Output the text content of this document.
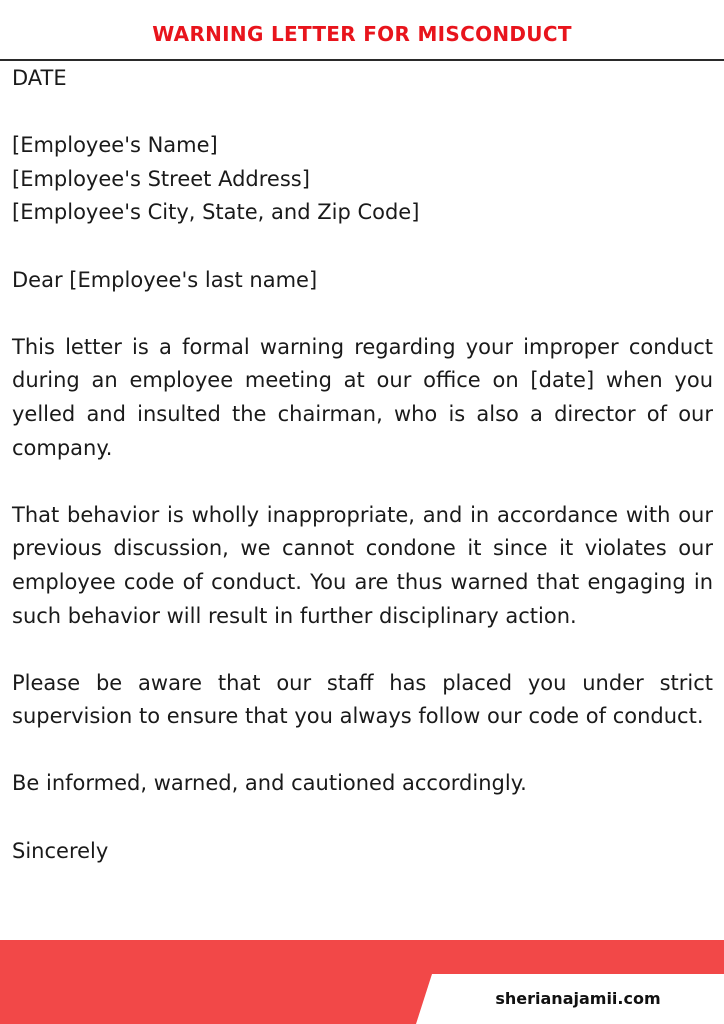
WARNING LETTER FOR MISCONDUCT

DATE

[Employee's Name]
[Employee's Street Address]
[Employee's City, State, and Zip Code]

Dear [Employee's last name]

This letter is a formal warning regarding your improper conduct during an employee meeting at our office on [date] when you yelled and insulted the chairman, who is also a director of our company.

That behavior is wholly inappropriate, and in accordance with our previous discussion, we cannot condone it since it violates our employee code of conduct. You are thus warned that engaging in such behavior will result in further disciplinary action.

Please be aware that our staff has placed you under strict supervision to ensure that you always follow our code of conduct.

Be informed, warned, and cautioned accordingly.

Sincerely

sherianajamii.com
